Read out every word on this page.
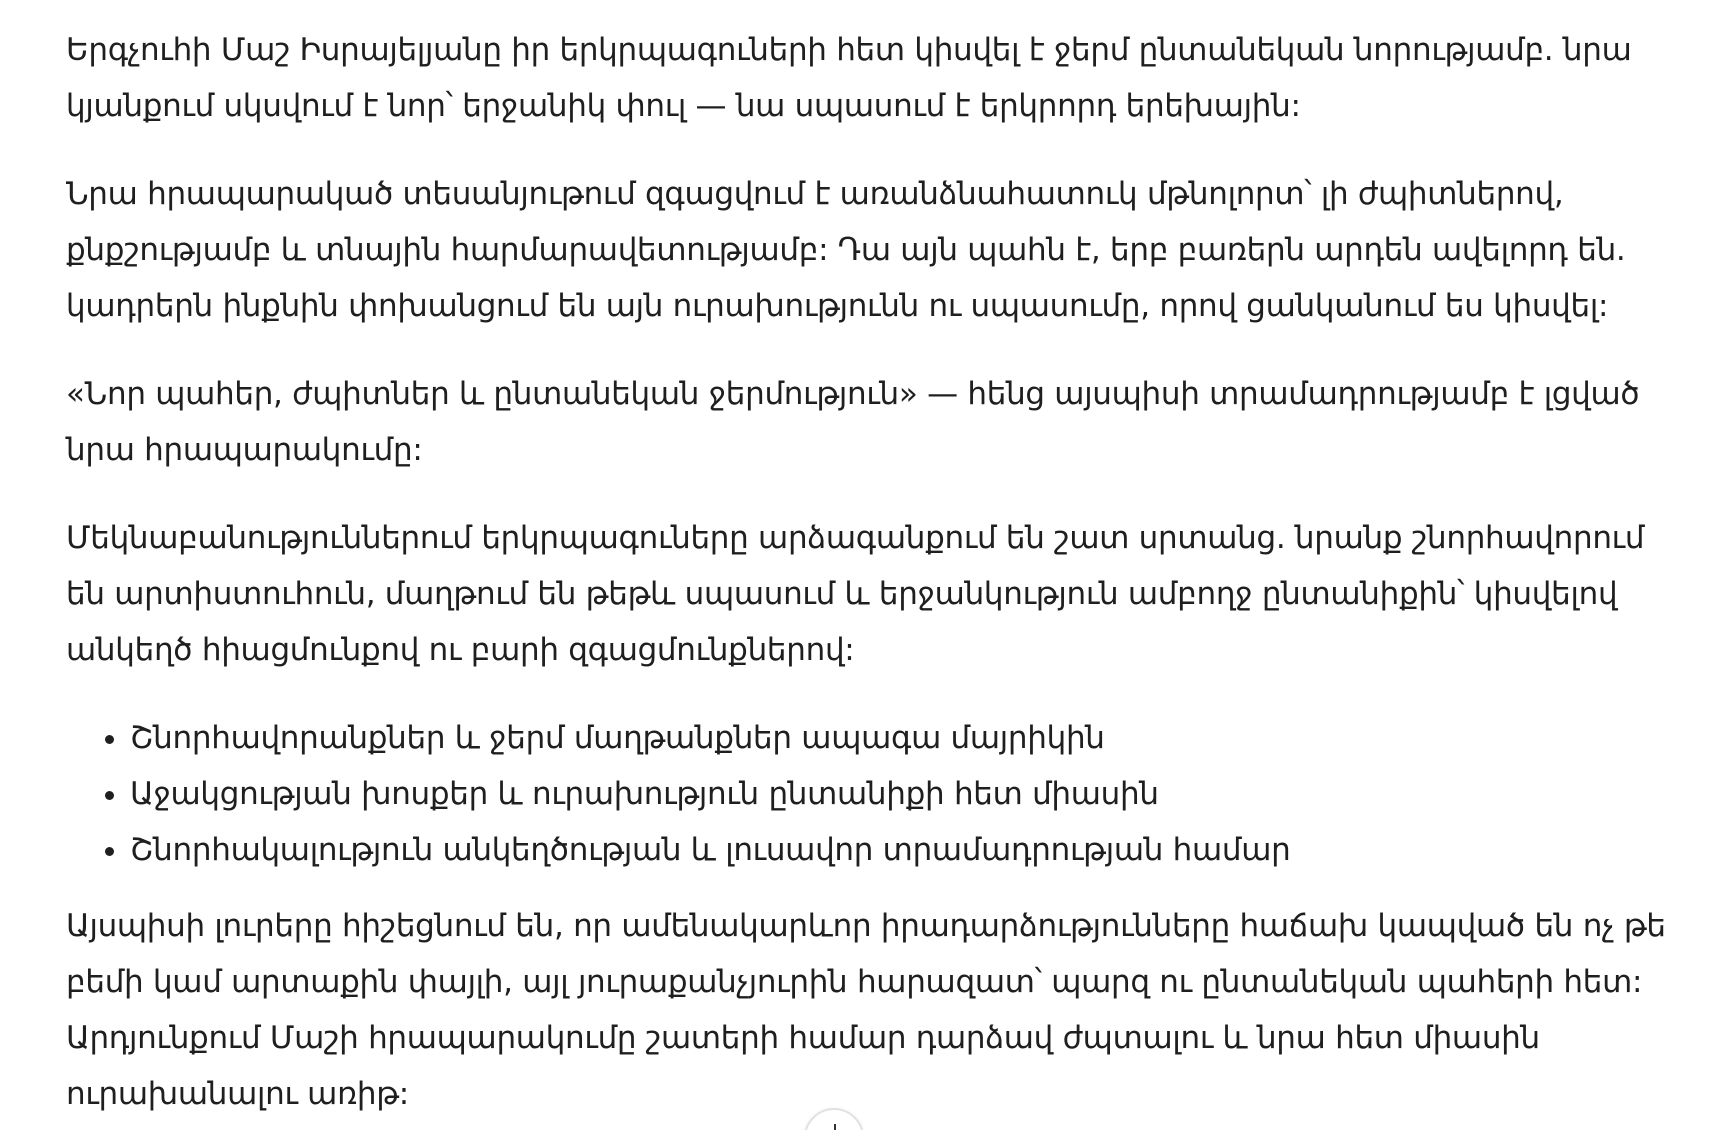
Երգչուհի Մաշ Իսրայելյանը իր երկրպագուների հետ կիսվել է ջերմ ընտանեկան նորությամբ. նրա կյանքում սկսվում է նոր՝ երջանիկ փուլ — նա սպասում է երկրորդ երեխային:

Նրա հրապարակած տեսանյութում զգացվում է առանձնահատուկ մթնոլորտ՝ լի ժպիտներով, քնքշությամբ և տնային հարմարավետությամբ: Դա այն պահն է, երբ բառերն արդեն ավելորդ են. կադրերն ինքնին փոխանցում են այն ուրախությունն ու սպասումը, որով ցանկանում ես կիսվել:

«Նոր պահեր, ժպիտներ և ընտանեկան ջերմություն» — հենց այսպիսի տրամադրությամբ է լցված նրա հրապարակումը:

Մեկնաբանություններում երկրպագուները արձագանքում են շատ սրտանց. նրանք շնորհավորում են արտիստուհուն, մաղթում են թեթև սպասում և երջանկություն ամբողջ ընտանիքին՝ կիսվելով անկեղծ հիացմունքով ու բարի զգացմունքներով:

• Շնորհավորանքներ և ջերմ մաղթանքներ ապագա մայրիկին
• Աջակցության խոսքեր և ուրախություն ընտանիքի հետ միասին
• Շնորհակալություն անկեղծության և լուսավոր տրամադրության համար

Այսպիսի լուրերը հիշեցնում են, որ ամենակարևոր իրադարձությունները հաճախ կապված են ոչ թե բեմի կամ արտաքին փայլի, այլ յուրաքանչյուրին հարազատ՝ պարզ ու ընտանեկան պահերի հետ: Արդյունքում Մաշի հրապարակումը շատերի համար դարձավ ժպտալու և նրա հետ միասին ուրախանալու առիթ:
